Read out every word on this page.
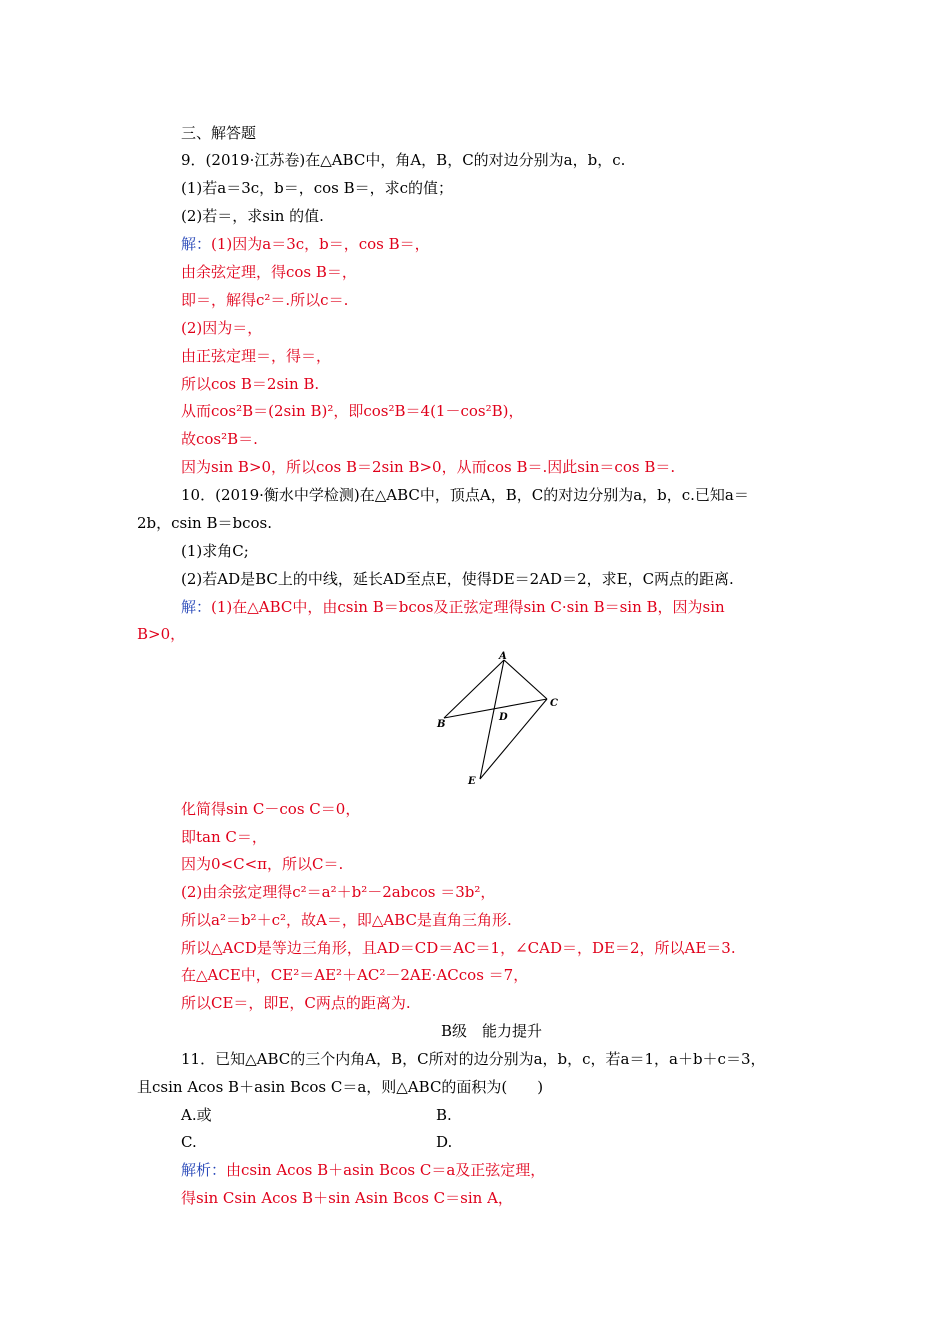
三、解答题
9．(2019·江苏卷)在△ABC中，角A，B，C的对边分别为a，b，c.
(1)若a＝3c，b＝，cos B＝，求c的值；
(2)若＝，求sin 的值.
解：(1)因为a＝3c，b＝，cos B＝，
由余弦定理，得cos B＝，
即＝，解得c²＝.所以c＝.
(2)因为＝，
由正弦定理＝，得＝，
所以cos B＝2sin B.
从而cos²B＝(2sin B)²，即cos²B＝4(1－cos²B)，
故cos²B＝.
因为sin B>0，所以cos B＝2sin B>0，从而cos B＝.因此sin＝cos B＝.
10．(2019·衡水中学检测)在△ABC中，顶点A，B，C的对边分别为a，b，c.已知a＝
2b，csin B＝bcos.
(1)求角C;
(2)若AD是BC上的中线，延长AD至点E，使得DE＝2AD＝2，求E，C两点的距离.
解：(1)在△ABC中，由csin B＝bcos及正弦定理得sin C·sin B＝sin B，因为sin
B>0，
A
B
C
D
E
化简得sin C－cos C＝0，
即tan C＝，
因为0<C<π，所以C＝.
(2)由余弦定理得c²＝a²＋b²－2abcos ＝3b²，
所以a²＝b²＋c²，故A＝，即△ABC是直角三角形.
所以△ACD是等边三角形，且AD＝CD＝AC＝1，∠CAD＝，DE＝2，所以AE＝3.
在△ACE中，CE²＝AE²＋AC²－2AE·ACcos ＝7，
所以CE＝，即E，C两点的距离为.
B级　能力提升
11．已知△ABC的三个内角A，B，C所对的边分别为a，b，c，若a＝1，a＋b＋c＝3，
且csin Acos B＋asin Bcos C＝a，则△ABC的面积为(　　)
A.或	B.
C.	D.
解析：由csin Acos B＋asin Bcos C＝a及正弦定理，
得sin Csin Acos B＋sin Asin Bcos C＝sin A，
